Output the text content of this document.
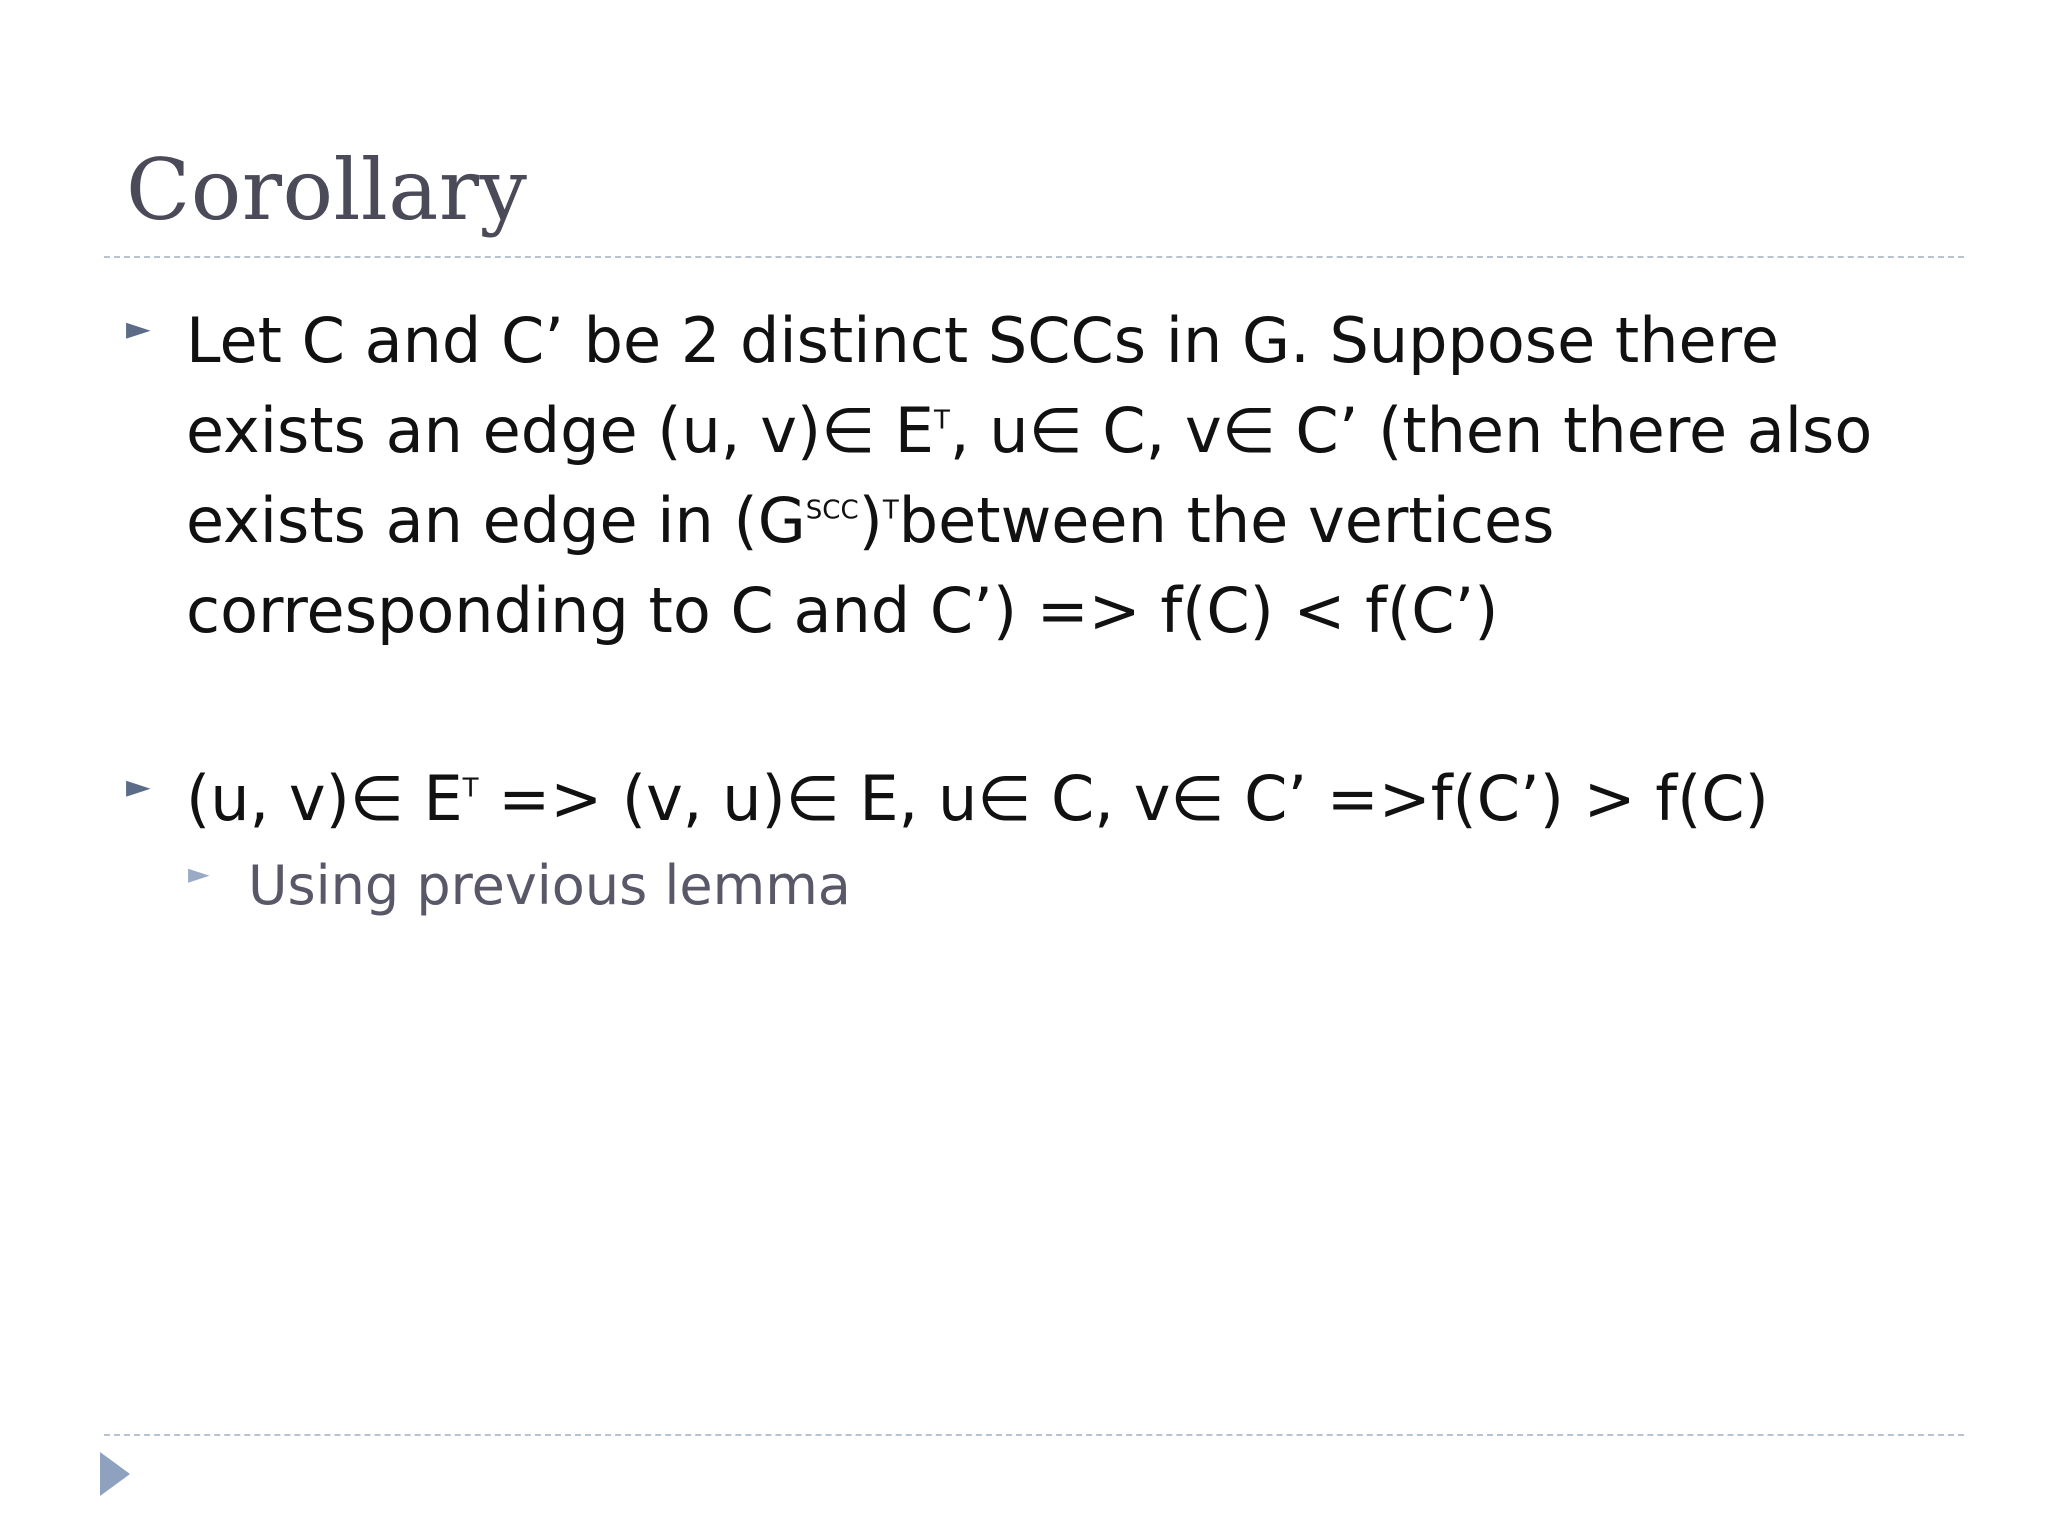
Corollary
► Let C and C’ be 2 distinct SCCs in G. Suppose there
exists an edge (u, v)∈ $E^T$, u∈ C, v∈ C’ (then there also
exists an edge in $(G^{SCC})^Tbetween$ the vertices
corresponding to C and C’) => f(C) < f(C’)
► (u, v)∈ $E^T => (v$, u)∈ E, u∈ C, v∈ C’ =>f(C’) > f(C)
► Using previous lemma
